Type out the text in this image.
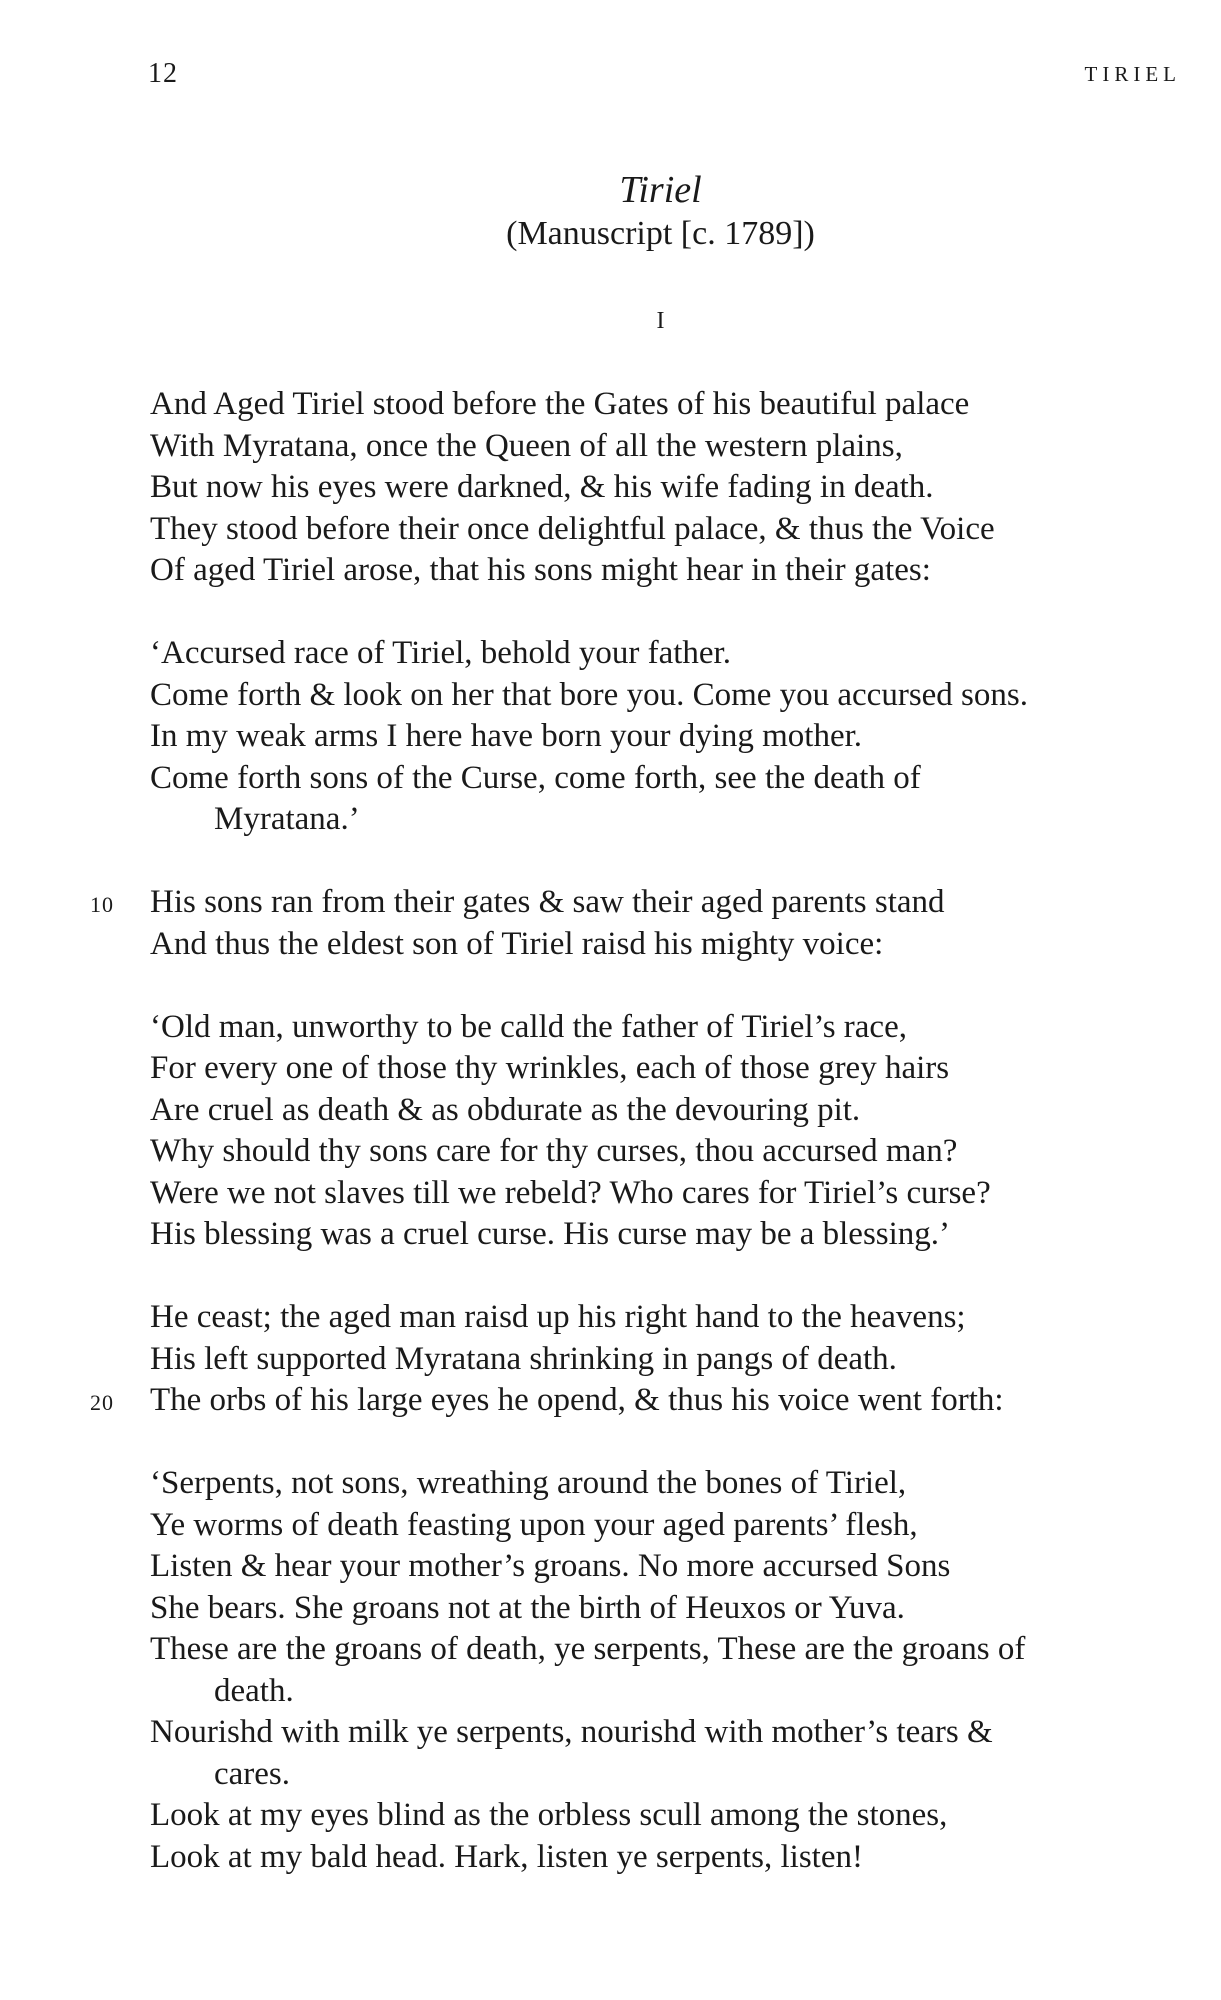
12	TIRIEL
Tiriel
(Manuscript [c. 1789])
I
And Aged Tiriel stood before the Gates of his beautiful palace
With Myratana, once the Queen of all the western plains,
But now his eyes were darkned, & his wife fading in death.
They stood before their once delightful palace, & thus the Voice
Of aged Tiriel arose, that his sons might hear in their gates:
‘Accursed race of Tiriel, behold your father.
Come forth & look on her that bore you. Come you accursed sons.
In my weak arms I here have born your dying mother.
Come forth sons of the Curse, come forth, see the death of
Myratana.’
10 His sons ran from their gates & saw their aged parents stand
And thus the eldest son of Tiriel raisd his mighty voice:
‘Old man, unworthy to be calld the father of Tiriel’s race,
For every one of those thy wrinkles, each of those grey hairs
Are cruel as death & as obdurate as the devouring pit.
Why should thy sons care for thy curses, thou accursed man?
Were we not slaves till we rebeld? Who cares for Tiriel’s curse?
His blessing was a cruel curse. His curse may be a blessing.’
He ceast; the aged man raisd up his right hand to the heavens;
His left supported Myratana shrinking in pangs of death.
20 The orbs of his large eyes he opend, & thus his voice went forth:
‘Serpents, not sons, wreathing around the bones of Tiriel,
Ye worms of death feasting upon your aged parents’ flesh,
Listen & hear your mother’s groans. No more accursed Sons
She bears. She groans not at the birth of Heuxos or Yuva.
These are the groans of death, ye serpents, These are the groans of
death.
Nourishd with milk ye serpents, nourishd with mother’s tears &
cares.
Look at my eyes blind as the orbless scull among the stones,
Look at my bald head. Hark, listen ye serpents, listen!
